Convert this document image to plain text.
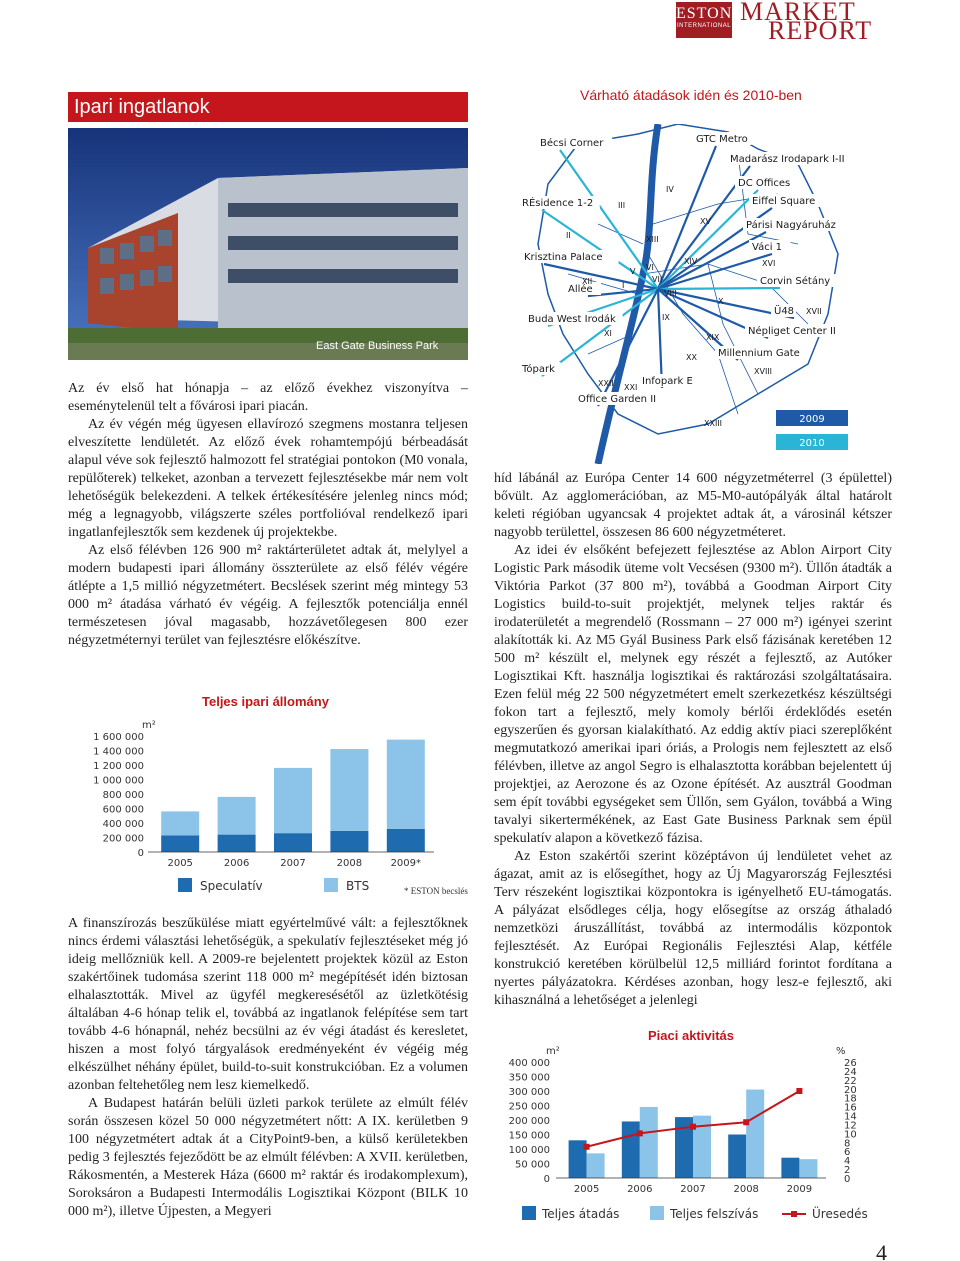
ESTON
INTERNATIONAL MARKET
REPORT
Ipari ingatlanok
East Gate Business Park

Az év első hat hónapja – az előző évekhez viszonyítva – eseménytelenül telt a fővárosi ipari piacán.

Az év végén még ügyesen ellavírozó szegmens mostanra teljesen elveszítette lendületét. Az előző évek rohamtempójú bérbeadását alapul véve sok fejlesztő halmozott fel stratégiai pontokon (M0 vonala, repülőterek) telkeket, azonban a tervezett fejlesztésekbe már nem volt lehetőségük belekezdeni. A telkek értékesítésére jelenleg nincs mód; még a legnagyobb, világszerte széles portfolióval rendelkező ipari ingatlanfejlesztők sem kezdenek új projektekbe.

Az első félévben 126 900 m² raktárterületet adtak át, melylyel a modern budapesti ipari állomány összterülete az első félév végére átlépte a 1,5 millió négyzetmétert. Becslések szerint még mintegy 53 000 m² átadása várható év végéig. A fejlesztők potenciálja ennél természetesen jóval magasabb, hozzávetőlegesen 800 ezer négyzetméternyi terület van fejlesztésre előkészítve.

Teljes ipari állomány
m²
1 600 000
1 400 000
1 200 000
1 000 000
800 000
600 000
400 000
200 000
0
2005	2006	2007	2008	2009*
Speculatív	BTS	* ESTON becslés

A finanszírozás beszűkülése miatt egyértelművé vált: a fejlesztőknek nincs érdemi választási lehetőségük, a spekulatív fejlesztéseket még jó ideig mellőzniük kell. A 2009-re bejelentett projektek közül az Eston szakértőinek tudomása szerint 118 000 m² megépítését idén biztosan elhalasztották. Mivel az ügyfél megkeresésétől az üzletkötésig általában 4-6 hónap telik el, továbbá az ingatlanok felépítése sem tart tovább 4-6 hónapnál, nehéz becsülni az év végi átadást és keresletet, hiszen a most folyó tárgyalások eredményeként év végéig még elkészülhet néhány épület, build-to-suit konstrukcióban. Ez a volumen azonban feltehetőleg nem lesz kiemelkedő.

A Budapest határán belüli üzleti parkok területe az elmúlt félév során összesen közel 50 000 négyzetmétert nőtt: A IX. kerületben 9 100 négyzetmétert adtak át a CityPoint9-ben, a külső kerületekben pedig 3 fejlesztés fejeződött be az elmúlt félévben: A XVII. kerületben, Rákosmentén, a Mesterek Háza (6600 m² raktár és irodakomplexum), Soroksáron a Budapesti Intermodális Logisztikai Központ (BILK 10 000 m²), illetve Újpesten, a Megyeri

Várható átadások idén és 2010-ben
Bécsi Corner	GTC Metro
Madarász Irodapark I-II
DC Offices
Eiffel Square
Párisi Nagyáruház
RÉsidence 1-2
Váci 1
Krisztina Palace
Corvin Sétány
Allée
Ü48
Buda West Irodák
Népliget Center II
Millennium Gate
Tópark
Infopark E
Office Garden II
II
III
IV
V VI
VII
VIII
IX
X
XI
XII
XIII
XIV
XV
XVI
XVII
XVIII
XIX
XX
XXI
XXII
XXIII
I
2009
2010

híd lábánál az Európa Center 14 600 négyzetméterrel (3 épülettel) bővült. Az agglomerációban, az M5-M0-autópályák által határolt keleti régióban ugyancsak 4 projektet adtak át, a városinál kétszer nagyobb területtel, összesen 86 600 négyzetméteret.

Az idei év elsőként befejezett fejlesztése az Ablon Airport City Logistic Park második üteme volt Vecsésen (9300 m²). Üllőn átadták a Viktória Parkot (37 800 m²), továbbá a Goodman Airport City Logistics build-to-suit projektjét, melynek teljes raktár és irodaterületét a megrendelő (Rossmann – 27 000 m²) igényei szerint alakították ki. Az M5 Gyál Business Park első fázisának keretében 12 500 m² készült el, melynek egy részét a fejlesztő, az Autóker Logisztikai Kft. használja logisztikai és raktározási szolgáltatásaira. Ezen felül még 22 500 négyzetmétert emelt szerkezetkész készültségi fokon tart a fejlesztő, mely komoly bérlői érdeklődés esetén egyszerűen és gyorsan kialakítható. Az eddig aktív piaci szereplőként megmutatkozó amerikai ipari óriás, a Prologis nem fejlesztett az első félévben, illetve az angol Segro is elhalasztotta korábban bejelentett új projektjei, az Aerozone és az Ozone építését. Az ausztrál Goodman sem épít további egységeket sem Üllőn, sem Gyálon, továbbá a Wing tavalyi sikertermékének, az East Gate Business Parknak sem épül spekulatív alapon a következő fázisa.

Az Eston szakértői szerint középtávon új lendületet vehet az ágazat, amit az is elősegíthet, hogy az Új Magyarország Fejlesztési Terv részeként logisztikai központokra is igényelhető EU-támogatás. A pályázat elsődleges célja, hogy elősegítse az ország áthaladó nemzetközi áruszállítást, továbbá az intermodális központok fejlesztését. Az Európai Regionális Fejlesztési Alap, kétféle konstrukció keretében körülbelül 12,5 milliárd forintot fordítana a nyertes pályázatokra. Kérdéses azonban, hogy lesz-e fejlesztő, aki kihasználná a lehetőséget a jelenlegi

Piaci aktivitás
m²	%
400 000
350 000
300 000
250 000
200 000
150 000
100 000
50 000
0
26
24
22
20
18
16
14
12
10
8
6
4
2
0
2005	2006	2007	2008	2009
Teljes átadás	Teljes felszívás	Üresedés
4
